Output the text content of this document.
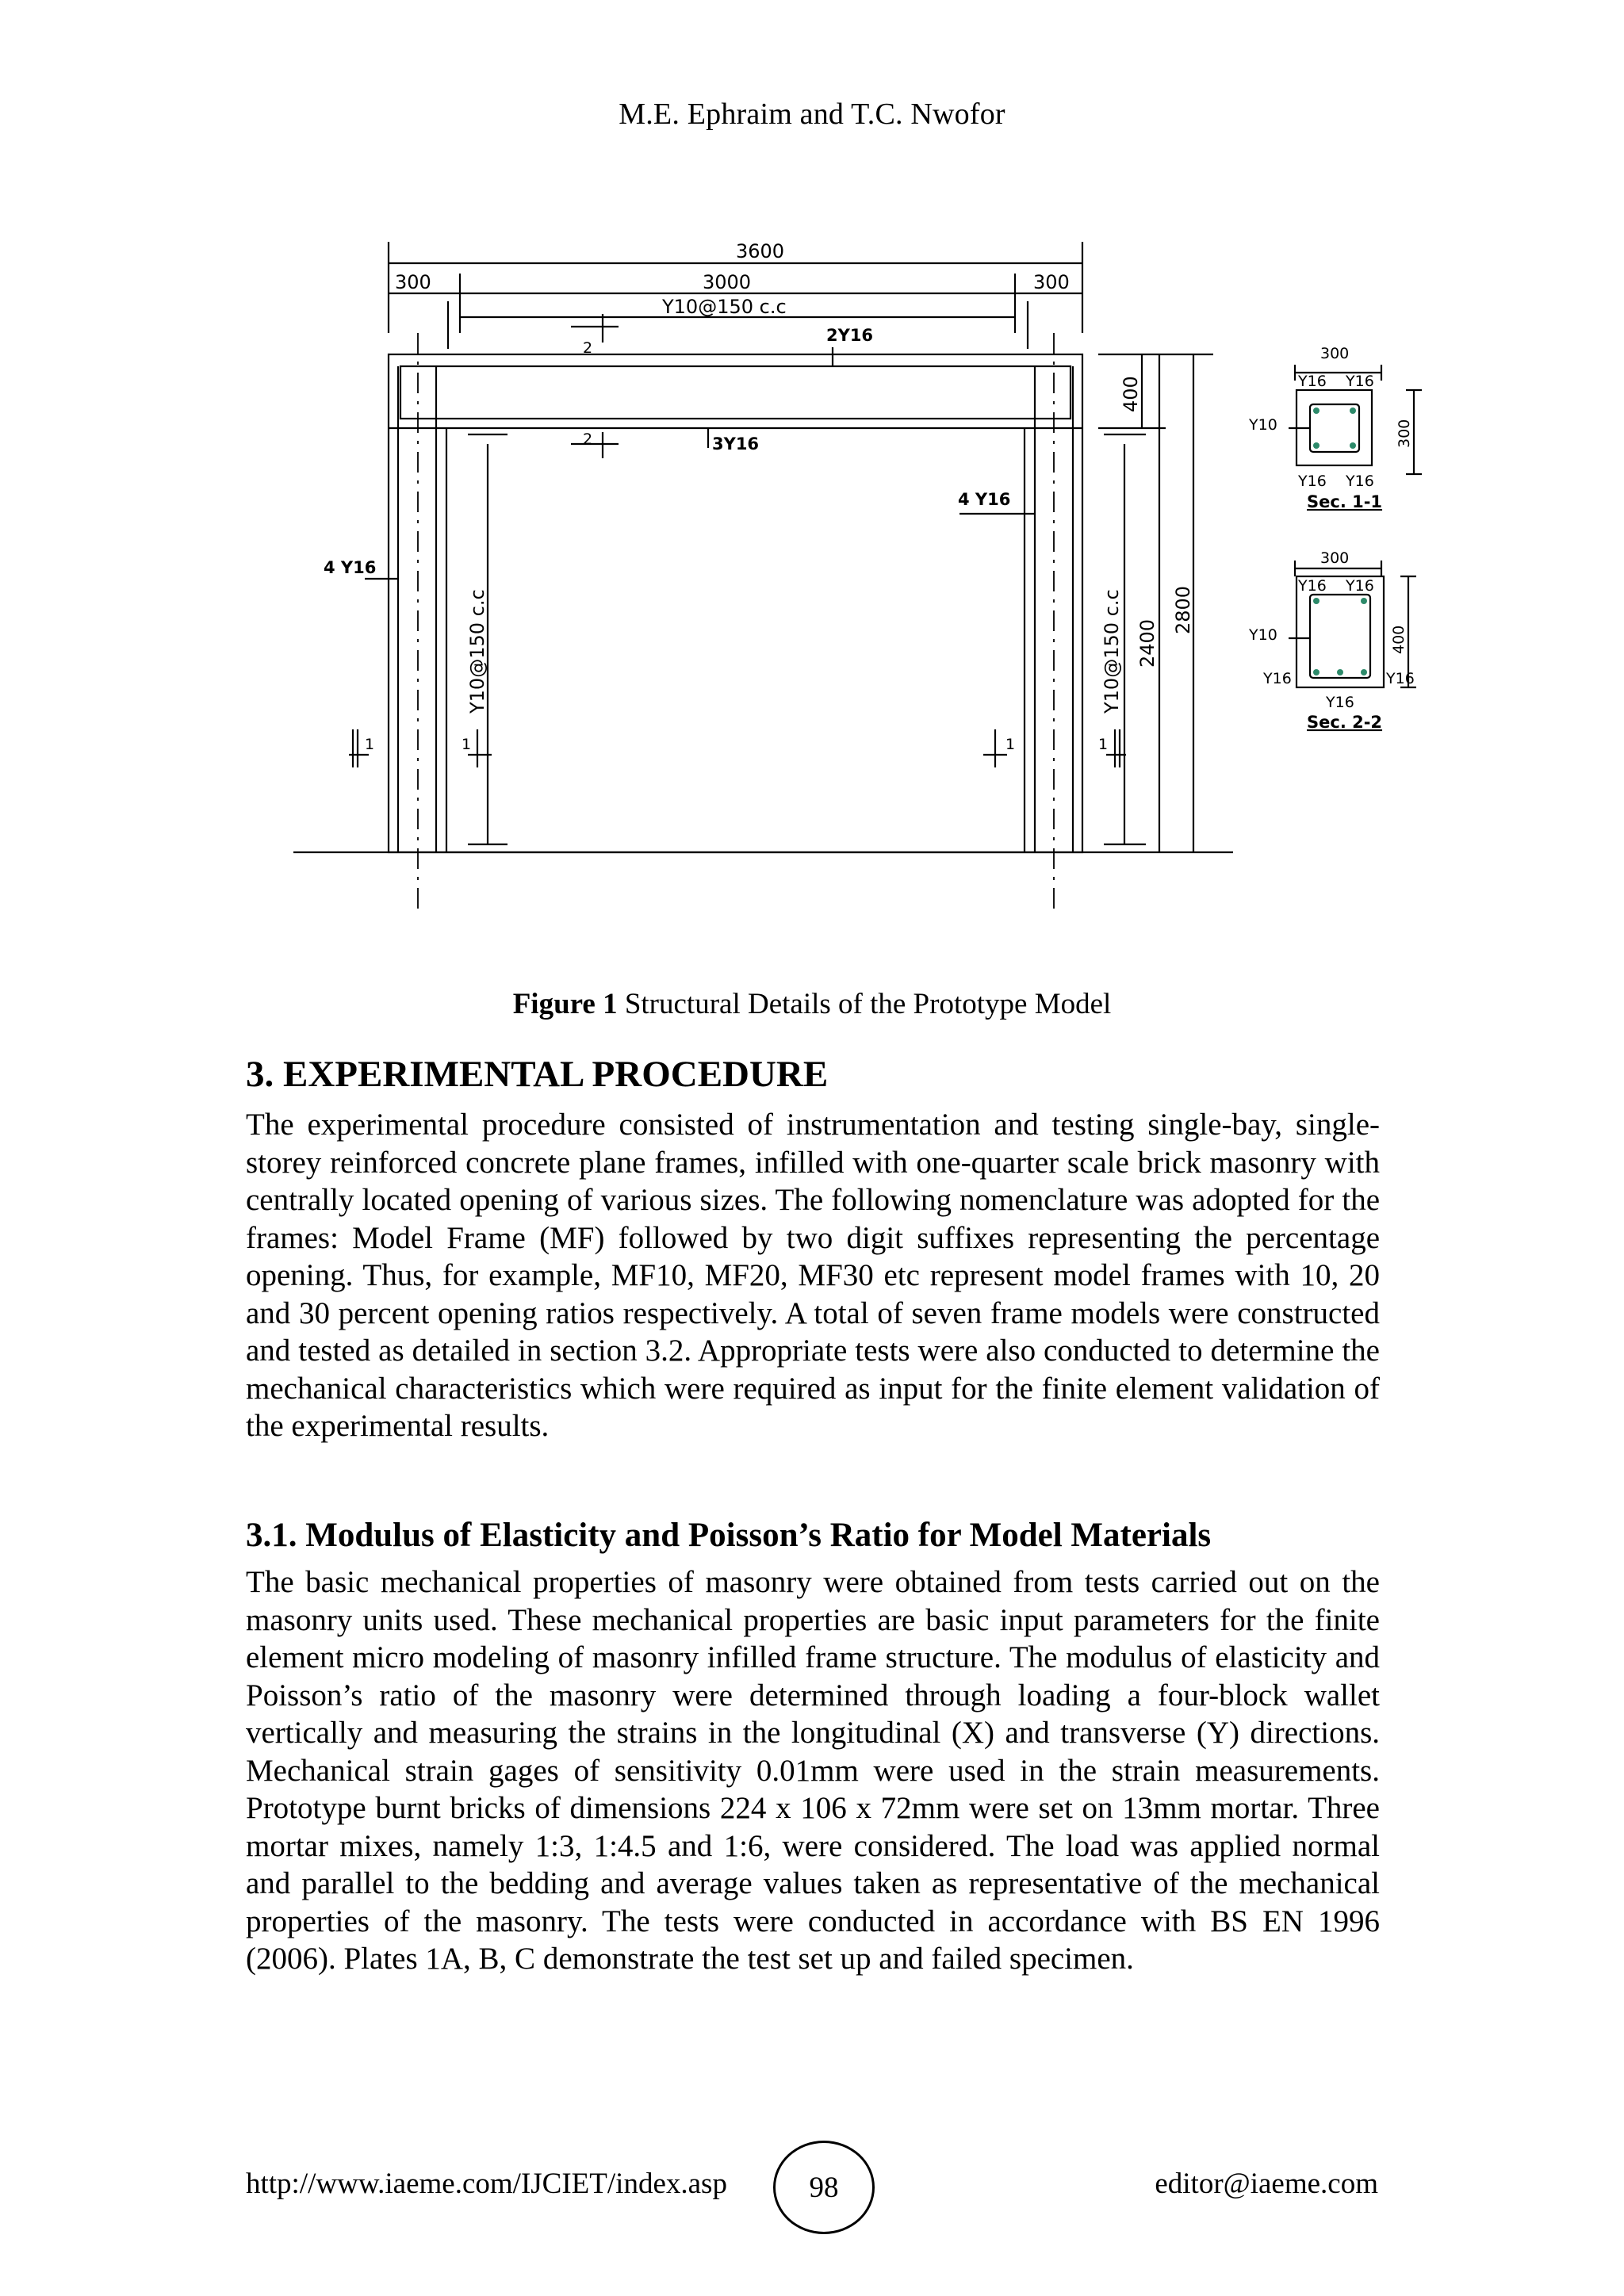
M.E. Ephraim and T.C. Nwofor
3600
3000
300	300
Y10@150 c.c
2Y16
3Y16
4 Y16
4 Y16
2
2
1	1	1	1
Y10@150 c.c	Y10@150 c.c 2400
2800
400
300
Y16 Y16
Y16 Y16
Y10	300
Sec. 1-1
300
Y16 Y16
Y10
Y16	Y16
Y16
400
Sec. 2-2
Figure 1 Structural Details of the Prototype Model
3. EXPERIMENTAL PROCEDURE

The experimental procedure consisted of instrumentation and testing single-bay, single-storey reinforced concrete plane frames, infilled with one-quarter scale brick masonry with centrally located opening of various sizes. The following nomenclature was adopted for the frames: Model Frame (MF) followed by two digit suffixes representing the percentage opening. Thus, for example, MF10, MF20, MF30 etc represent model frames with 10, 20 and 30 percent opening ratios respectively. A total of seven frame models were constructed and tested as detailed in section 3.2. Appropriate tests were also conducted to determine the mechanical characteristics which were required as input for the finite element validation of the experimental results.

3.1. Modulus of Elasticity and Poisson’s Ratio for Model Materials

The basic mechanical properties of masonry were obtained from tests carried out on the masonry units used. These mechanical properties are basic input parameters for the finite element micro modeling of masonry infilled frame structure. The modulus of elasticity and Poisson’s ratio of the masonry were determined through loading a four-block wallet vertically and measuring the strains in the longitudinal (X) and transverse (Y) directions. Mechanical strain gages of sensitivity 0.01mm were used in the strain measurements. Prototype burnt bricks of dimensions 224 x 106 x 72mm were set on 13mm mortar. Three mortar mixes, namely 1:3, 1:4.5 and 1:6, were considered. The load was applied normal and parallel to the bedding and average values taken as representative of the mechanical properties of the masonry. The tests were conducted in accordance with BS EN 1996 (2006). Plates 1A, B, C demonstrate the test set up and failed specimen.

http://www.iaeme.com/IJCIET/index.asp	98	editor@iaeme.com
